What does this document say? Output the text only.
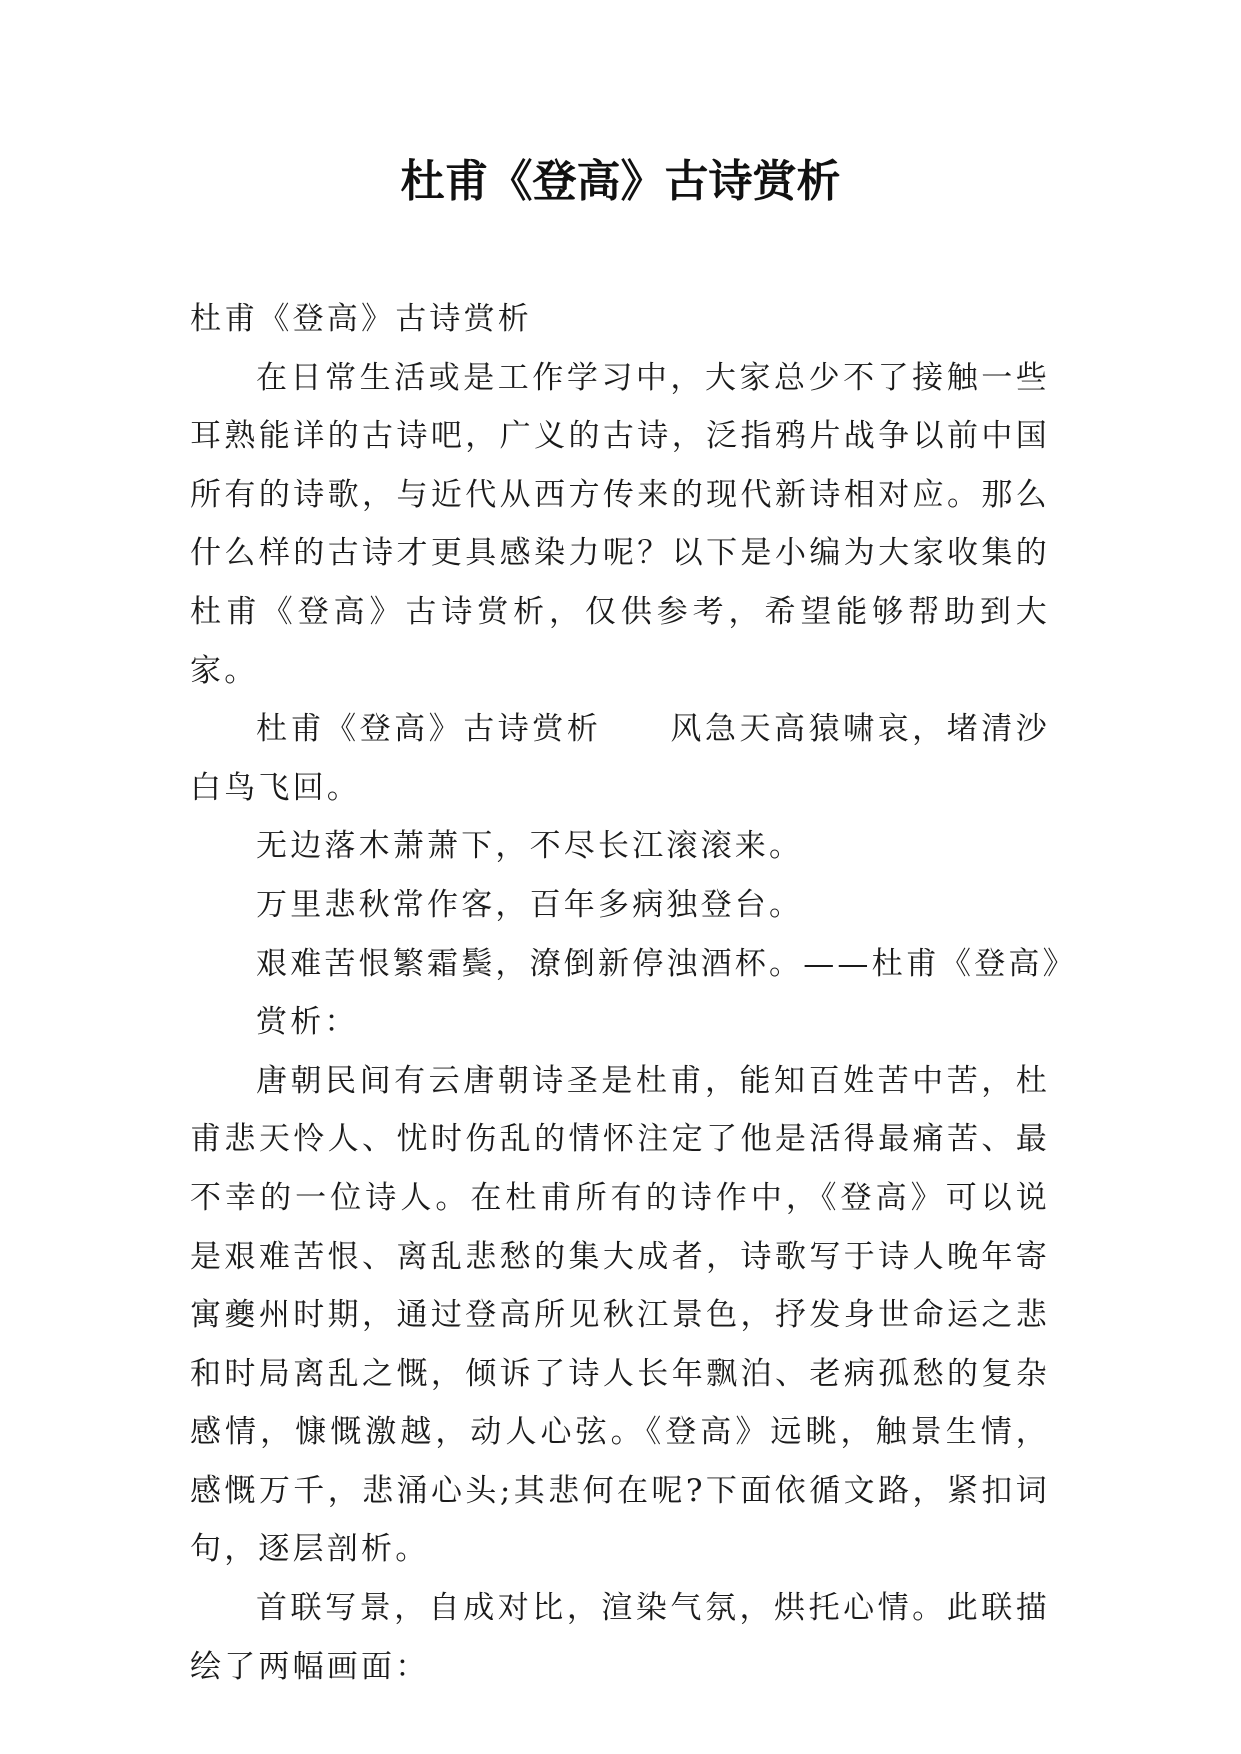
杜甫《登高》古诗赏析

杜甫《登高》古诗赏析

在日常生活或是工作学习中，大家总少不了接触一些耳熟能详的古诗吧，广义的古诗，泛指鸦片战争以前中国所有的诗歌，与近代从西方传来的现代新诗相对应。那么什么样的古诗才更具感染力呢？以下是小编为大家收集的杜甫《登高》古诗赏析，仅供参考，希望能够帮助到大家。

杜甫《登高》古诗赏析　　风急天高猿啸哀，堵清沙白鸟飞回。

无边落木萧萧下，不尽长江滚滚来。

万里悲秋常作客，百年多病独登台。

艰难苦恨繁霜鬓，潦倒新停浊酒杯。——杜甫《登高》

赏析：

唐朝民间有云唐朝诗圣是杜甫，能知百姓苦中苦，杜甫悲天怜人、忧时伤乱的情怀注定了他是活得最痛苦、最不幸的一位诗人。在杜甫所有的诗作中，《登高》可以说是艰难苦恨、离乱悲愁的集大成者，诗歌写于诗人晚年寄寓夔州时期，通过登高所见秋江景色，抒发身世命运之悲和时局离乱之慨，倾诉了诗人长年飘泊、老病孤愁的复杂感情，慷慨激越，动人心弦。《登高》远眺，触景生情，感慨万千，悲涌心头;其悲何在呢?下面依循文路，紧扣词句，逐层剖析。

首联写景，自成对比，渲染气氛，烘托心情。此联描绘了两幅画面：
